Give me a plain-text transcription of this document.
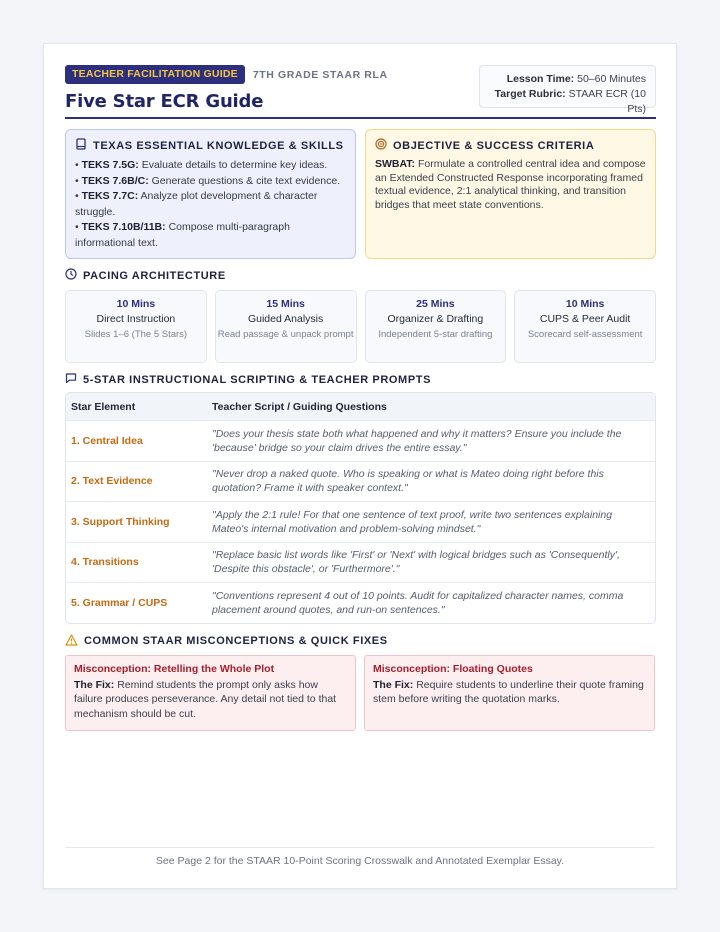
TEACHER FACILITATION GUIDE	7TH GRADE STAAR RLA
Five Star ECR Guide
Lesson Time: 50–60 Minutes
Target Rubric: STAAR ECR (10 Pts)
TEXAS ESSENTIAL KNOWLEDGE & SKILLS
• TEKS 7.5G: Evaluate details to determine key ideas.
• TEKS 7.6B/C: Generate questions & cite text evidence.
• TEKS 7.7C: Analyze plot development & character struggle.
• TEKS 7.10B/11B: Compose multi-paragraph informational text.
OBJECTIVE & SUCCESS CRITERIA
SWBAT: Formulate a controlled central idea and compose an Extended Constructed Response incorporating framed textual evidence, 2:1 analytical thinking, and transition bridges that meet state conventions.
PACING ARCHITECTURE
10 Mins
Direct Instruction
Slides 1–6 (The 5 Stars)
15 Mins
Guided Analysis
Read passage & unpack prompt
25 Mins
Organizer & Drafting
Independent 5-star drafting
10 Mins
CUPS & Peer Audit
Scorecard self-assessment
5-STAR INSTRUCTIONAL SCRIPTING & TEACHER PROMPTS
Star Element	Teacher Script / Guiding Questions
1. Central Idea
"Does your thesis state both what happened and why it matters? Ensure you include the 'because' bridge so your claim drives the entire essay."
2. Text Evidence
"Never drop a naked quote. Who is speaking or what is Mateo doing right before this quotation? Frame it with speaker context."
3. Support Thinking
"Apply the 2:1 rule! For that one sentence of text proof, write two sentences explaining Mateo's internal motivation and problem-solving mindset."
4. Transitions
"Replace basic list words like 'First' or 'Next' with logical bridges such as 'Consequently', 'Despite this obstacle', or 'Furthermore'."
5. Grammar / CUPS
"Conventions represent 4 out of 10 points. Audit for capitalized character names, comma placement around quotes, and run-on sentences."
COMMON STAAR MISCONCEPTIONS & QUICK FIXES
Misconception: Retelling the Whole Plot
The Fix: Remind students the prompt only asks how failure produces perseverance. Any detail not tied to that mechanism should be cut.
Misconception: Floating Quotes
The Fix: Require students to underline their quote framing stem before writing the quotation marks.
See Page 2 for the STAAR 10-Point Scoring Crosswalk and Annotated Exemplar Essay.
